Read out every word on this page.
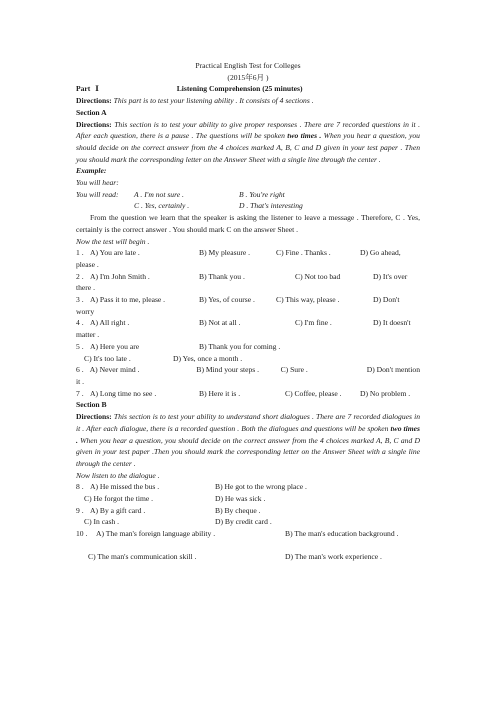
Practical English Test for Colleges
(2015年6月 )
Part Ⅰ	Listening Comprehension (25 minutes)
Directions: This part is to test your listening ability . It consists of 4 sections .
Section A
Directions: This section is to test your ability to give proper responses . There are 7 recorded questions in it . After each question, there is a pause . The questions will be spoken two times . When you hear a question, you should decide on the correct answer from the 4 choices marked A, B, C and D given in your test paper . Then you should mark the corresponding letter on the Answer Sheet with a single line through the center .
Example:
You will hear:
You will read:	A . I'm not sure .	B . You're right
C . Yes, certainly .	D . That's interesting
From the question we learn that the speaker is asking the listener to leave a message . Therefore, C . Yes, certainly is the correct answer . You should mark C on the answer Sheet .
Now the test will begin .
1 . A) You are late .	B) My pleasure .	C) Fine . Thanks .	D) Go ahead,
please .
2 . A) I'm John Smith .	B) Thank you .	C) Not too bad	D) It's over
there .
3 . A) Pass it to me, please .	B) Yes, of course .	C) This way, please .	D) Don't
worry
4 . A) All right .	B) Not at all .	C) I'm fine .	D) It doesn't
matter .
5 . A) Here you are	B) Thank you for coming .
C) It's too late .	D) Yes, once a month .
6 . A) Never mind .	B) Mind your steps .	C) Sure .	D) Don't mention
it .
7 . A) Long time no see .	B) Here it is .	C) Coffee, please .	D) No problem .
Section B
Directions: This section is to test your ability to understand short dialogues . There are 7 recorded dialogues in it . After each dialogue, there is a recorded question . Both the dialogues and questions will be spoken two times . When you hear a question, you should decide on the correct answer from the 4 choices marked A, B, C and D given in your test paper .Then you should mark the corresponding letter on the Answer Sheet with a single line through the center .
Now listen to the dialogue .
8 . A) He missed the bus .	B) He got to the wrong place .
C) He forgot the time .	D) He was sick .
9 . A) By a gift card .	B) By cheque .
C) In cash .	D) By credit card .
10 .	A) The man's foreign language ability .	B) The man's education background .
C) The man's communication skill .	D) The man's work experience .
